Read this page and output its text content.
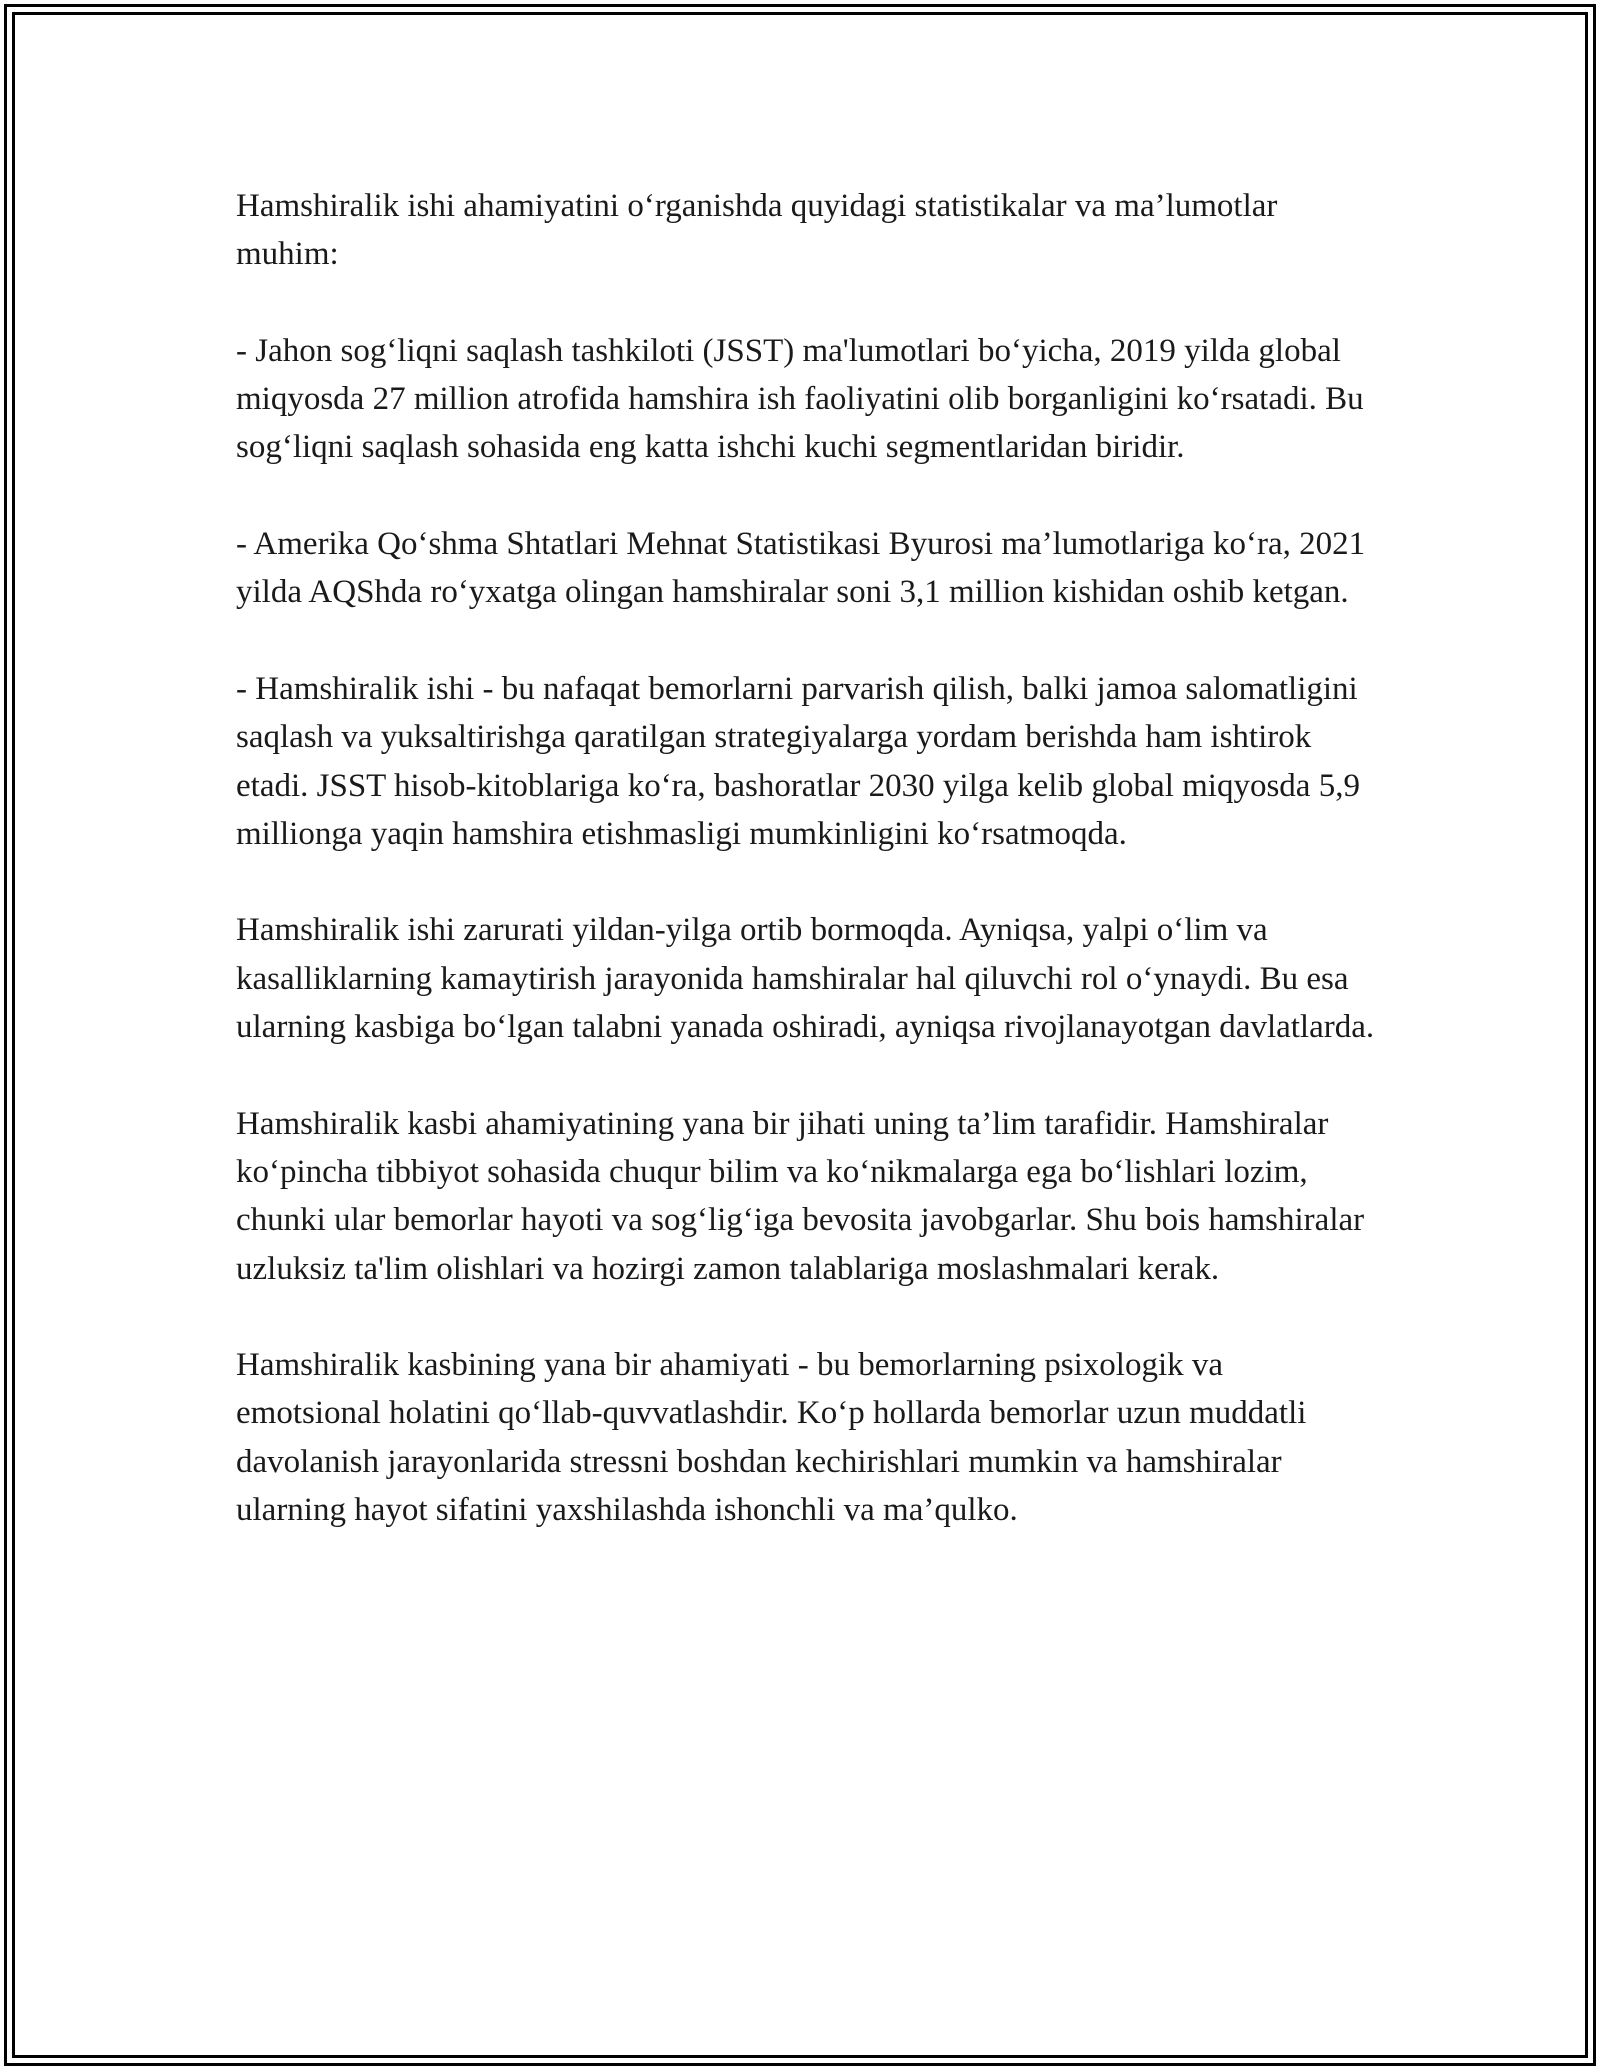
Hamshiralik ishi ahamiyatini o‘rganishda quyidagi statistikalar va ma’lumotlar muhim:

- Jahon sog‘liqni saqlash tashkiloti (JSST) ma'lumotlari bo‘yicha, 2019 yilda global miqyosda 27 million atrofida hamshira ish faoliyatini olib borganligini ko‘rsatadi. Bu sog‘liqni saqlash sohasida eng katta ishchi kuchi segmentlaridan biridir.

- Amerika Qo‘shma Shtatlari Mehnat Statistikasi Byurosi ma’lumotlariga ko‘ra, 2021 yilda AQShda ro‘yxatga olingan hamshiralar soni 3,1 million kishidan oshib ketgan.

- Hamshiralik ishi - bu nafaqat bemorlarni parvarish qilish, balki jamoa salomatligini saqlash va yuksaltirishga qaratilgan strategiyalarga yordam berishda ham ishtirok etadi. JSST hisob-kitoblariga ko‘ra, bashoratlar 2030 yilga kelib global miqyosda 5,9 millionga yaqin hamshira etishmasligi mumkinligini ko‘rsatmoqda.

Hamshiralik ishi zarurati yildan-yilga ortib bormoqda. Ayniqsa, yalpi o‘lim va kasalliklarning kamaytirish jarayonida hamshiralar hal qiluvchi rol o‘ynaydi. Bu esa ularning kasbiga bo‘lgan talabni yanada oshiradi, ayniqsa rivojlanayotgan davlatlarda.

Hamshiralik kasbi ahamiyatining yana bir jihati uning ta’lim tarafidir. Hamshiralar ko‘pincha tibbiyot sohasida chuqur bilim va ko‘nikmalarga ega bo‘lishlari lozim, chunki ular bemorlar hayoti va sog‘lig‘iga bevosita javobgarlar. Shu bois hamshiralar uzluksiz ta'lim olishlari va hozirgi zamon talablariga moslashmalari kerak.

Hamshiralik kasbining yana bir ahamiyati - bu bemorlarning psixologik va emotsional holatini qo‘llab-quvvatlashdir. Ko‘p hollarda bemorlar uzun muddatli davolanish jarayonlarida stressni boshdan kechirishlari mumkin va hamshiralar ularning hayot sifatini yaxshilashda ishonchli va ma’qulko.
